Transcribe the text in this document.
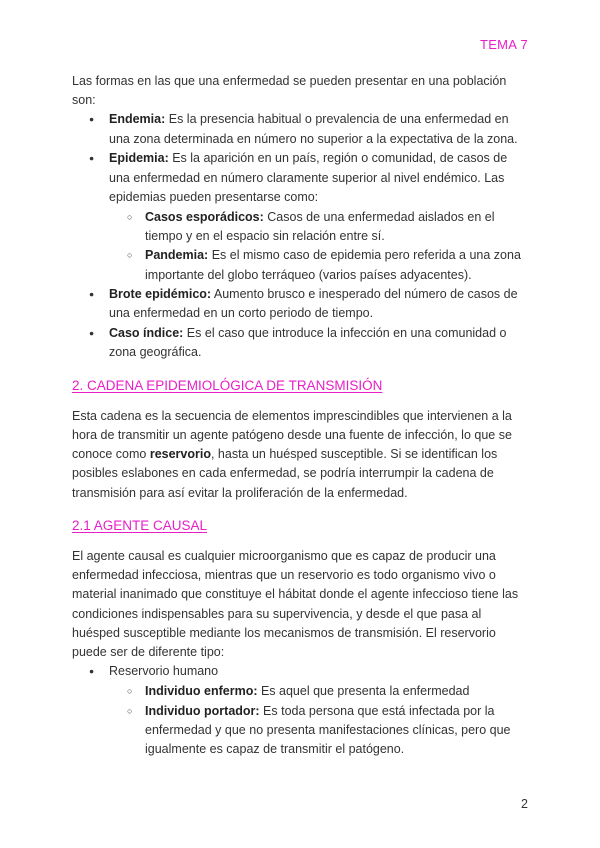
TEMA 7

Las formas en las que una enfermedad se pueden presentar en una población son:

● Endemia: Es la presencia habitual o prevalencia de una enfermedad en una zona determinada en número no superior a la expectativa de la zona.
● Epidemia: Es la aparición en un país, región o comunidad, de casos de una enfermedad en número claramente superior al nivel endémico. Las epidemias pueden presentarse como:
○ Casos esporádicos: Casos de una enfermedad aislados en el tiempo y en el espacio sin relación entre sí.
○ Pandemia: Es el mismo caso de epidemia pero referida a una zona importante del globo terráqueo (varios países adyacentes).
● Brote epidémico: Aumento brusco e inesperado del número de casos de una enfermedad en un corto periodo de tiempo.
● Caso índice: Es el caso que introduce la infección en una comunidad o zona geográfica.
2. CADENA EPIDEMIOLÓGICA DE TRANSMISIÓN

Esta cadena es la secuencia de elementos imprescindibles que intervienen a la hora de transmitir un agente patógeno desde una fuente de infección, lo que se conoce como reservorio, hasta un huésped susceptible. Si se identifican los posibles eslabones en cada enfermedad, se podría interrumpir la cadena de transmisión para así evitar la proliferación de la enfermedad.

2.1 AGENTE CAUSAL

El agente causal es cualquier microorganismo que es capaz de producir una enfermedad infecciosa, mientras que un reservorio es todo organismo vivo o material inanimado que constituye el hábitat donde el agente infeccioso tiene las condiciones indispensables para su supervivencia, y desde el que pasa al huésped susceptible mediante los mecanismos de transmisión. El reservorio puede ser de diferente tipo:

● Reservorio humano
○ Individuo enfermo: Es aquel que presenta la enfermedad
○ Individuo portador: Es toda persona que está infectada por la enfermedad y que no presenta manifestaciones clínicas, pero que igualmente es capaz de transmitir el patógeno.
2
